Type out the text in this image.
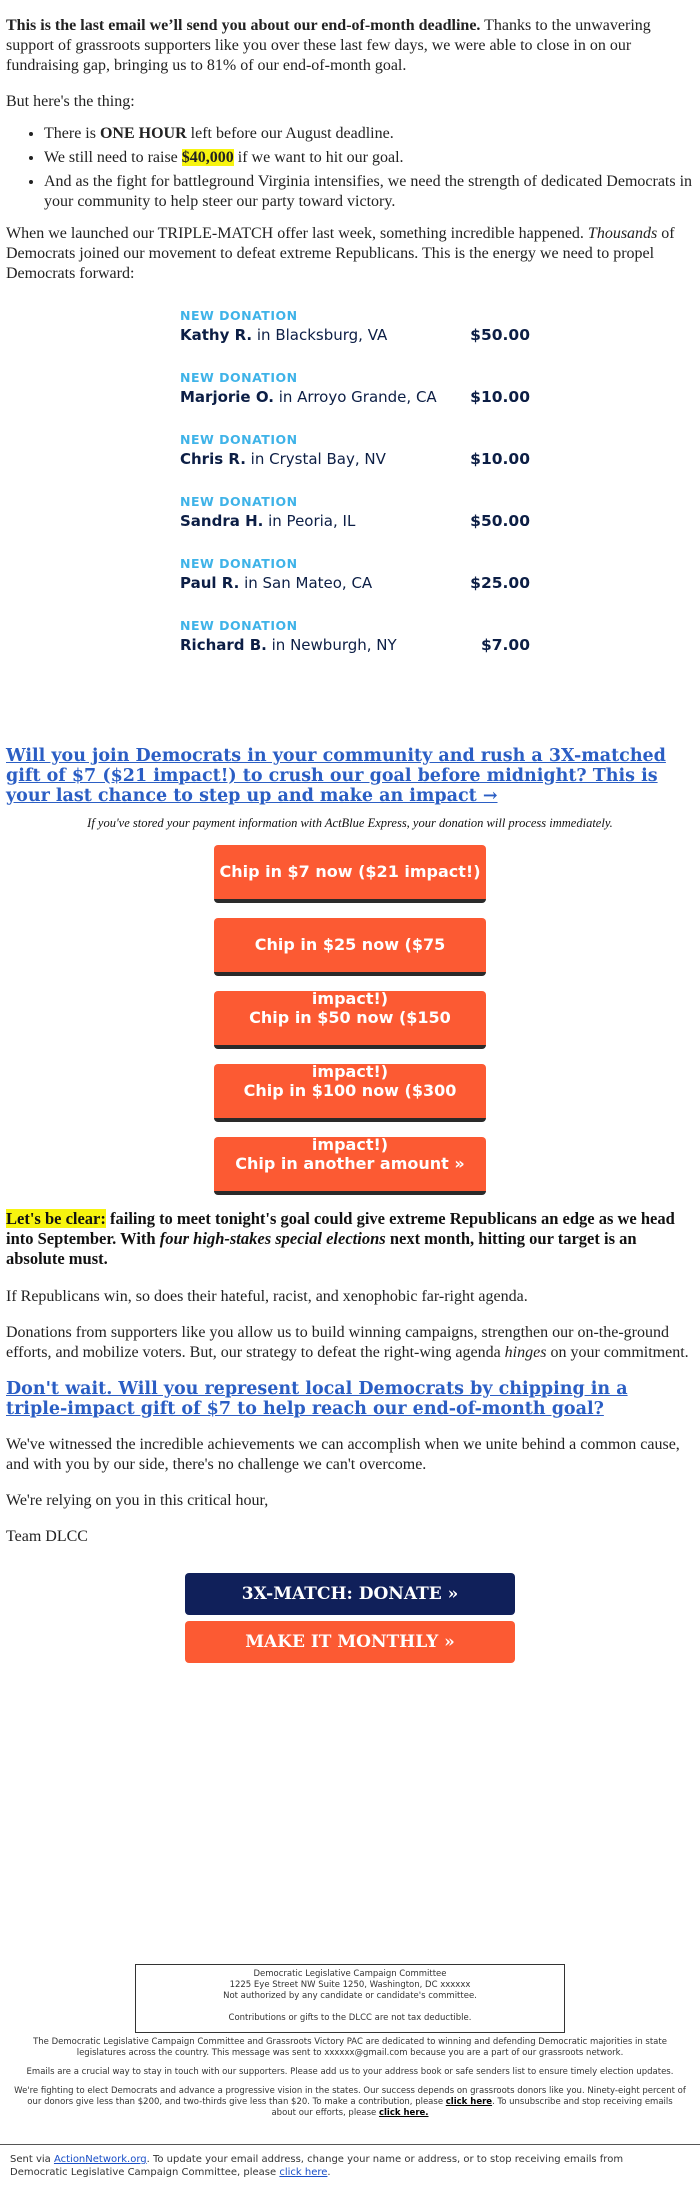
This is the last email we’ll send you about our end-of-month deadline. Thanks to the unwavering support of grassroots supporters like you over these last few days, we were able to close in on our fundraising gap, bringing us to 81% of our end-of-month goal.

But here's the thing:

• There is ONE HOUR left before our August deadline.
• We still need to raise $40,000 if we want to hit our goal.
• And as the fight for battleground Virginia intensifies, we need the strength of dedicated Democrats in your community to help steer our party toward victory.

When we launched our TRIPLE-MATCH offer last week, something incredible happened. Thousands of Democrats joined our movement to defeat extreme Republicans. This is the energy we need to propel Democrats forward:

NEW DONATION
Kathy R. in Blacksburg, VA	$50.00
NEW DONATION
Marjorie O. in Arroyo Grande, CA $10.00
NEW DONATION
Chris R. in Crystal Bay, NV	$10.00
NEW DONATION
Sandra H. in Peoria, IL	$50.00
NEW DONATION
Paul R. in San Mateo, CA	$25.00
NEW DONATION
Richard B. in Newburgh, NY	$7.00
Will you join Democrats in your community and rush a 3X-matched gift of $7 ($21 impact!) to crush our goal before midnight? This is your last chance to step up and make an impact →

If you've stored your payment information with ActBlue Express, your donation will process immediately.

Chip in $7 now ($21 impact!)
Chip in $25 now ($75
Chip in $50 now ($150
Chip in $100 now ($300
Chip in another amount »

Let's be clear: failing to meet tonight's goal could give extreme Republicans an edge as we head into September. With four high-stakes special elections next month, hitting our target is an absolute must.

If Republicans win, so does their hateful, racist, and xenophobic far-right agenda.

Donations from supporters like you allow us to build winning campaigns, strengthen our on-the-ground efforts, and mobilize voters. But, our strategy to defeat the right-wing agenda hinges on your commitment.

Don't wait. Will you represent local Democrats by chipping in a triple-impact gift of $7 to help reach our end-of-month goal?

We've witnessed the incredible achievements we can accomplish when we unite behind a common cause, and with you by our side, there's no challenge we can't overcome.

We're relying on you in this critical hour,

Team DLCC

3X-MATCH: DONATE »
MAKE IT MONTHLY »
Democratic Legislative Campaign Committee
1225 Eye Street NW Suite 1250, Washington, DC xxxxxx
Not authorized by any candidate or candidate's committee.
Contributions or gifts to the DLCC are not tax deductible.
The Democratic Legislative Campaign Committee and Grassroots Victory PAC are dedicated to winning and defending Democratic majorities in state legislatures across the country. This message was sent to xxxxxx@gmail.com because you are a part of our grassroots network.
Emails are a crucial way to stay in touch with our supporters. Please add us to your address book or safe senders list to ensure timely election updates.
We're fighting to elect Democrats and advance a progressive vision in the states. Our success depends on grassroots donors like you. Ninety-eight percent of our donors give less than $200, and two-thirds give less than $20. To make a contribution, please click here. To unsubscribe and stop receiving emails about our efforts, please click here.
Sent via ActionNetwork.org. To update your email address, change your name or address, or to stop receiving emails from Democratic Legislative Campaign Committee, please click here.
